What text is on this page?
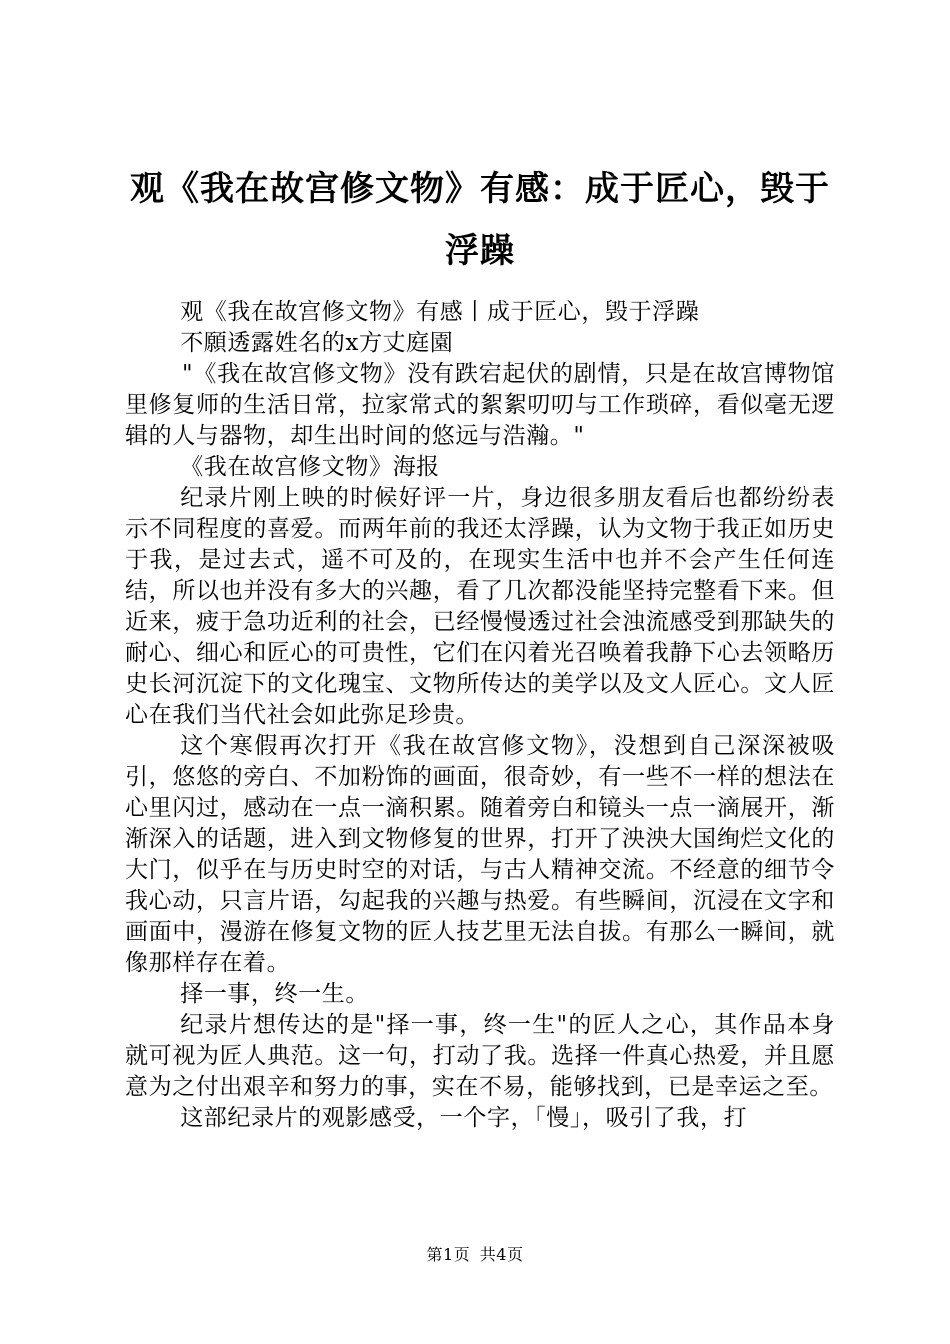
观《我在故宫修文物》有感：成于匠心，毁于
浮躁

观《我在故宫修文物》有感丨成于匠心，毁于浮躁

不願透露姓名的x方丈庭園

"《我在故宫修文物》没有跌宕起伏的剧情，只是在故宫博物馆里修复师的生活日常，拉家常式的絮絮叨叨与工作琐碎，看似毫无逻辑的人与器物，却生出时间的悠远与浩瀚。"

《我在故宫修文物》海报

纪录片刚上映的时候好评一片，身边很多朋友看后也都纷纷表示不同程度的喜爱。而两年前的我还太浮躁，认为文物于我正如历史于我，是过去式，遥不可及的，在现实生活中也并不会产生任何连结，所以也并没有多大的兴趣，看了几次都没能坚持完整看下来。但近来，疲于急功近利的社会，已经慢慢透过社会浊流感受到那缺失的耐心、细心和匠心的可贵性，它们在闪着光召唤着我静下心去领略历史长河沉淀下的文化瑰宝、文物所传达的美学以及文人匠心。文人匠心在我们当代社会如此弥足珍贵。

这个寒假再次打开《我在故宫修文物》，没想到自己深深被吸引，悠悠的旁白、不加粉饰的画面，很奇妙，有一些不一样的想法在心里闪过，感动在一点一滴积累。随着旁白和镜头一点一滴展开，渐渐深入的话题，进入到文物修复的世界，打开了泱泱大国绚烂文化的大门，似乎在与历史时空的对话，与古人精神交流。不经意的细节令我心动，只言片语，勾起我的兴趣与热爱。有些瞬间，沉浸在文字和画面中，漫游在修复文物的匠人技艺里无法自拔。有那么一瞬间，就像那样存在着。

择一事，终一生。

纪录片想传达的是"择一事，终一生"的匠人之心，其作品本身就可视为匠人典范。这一句，打动了我。选择一件真心热爱，并且愿意为之付出艰辛和努力的事，实在不易，能够找到，已是幸运之至。

这部纪录片的观影感受，一个字，「慢」，吸引了我，打

第1页 共4页
